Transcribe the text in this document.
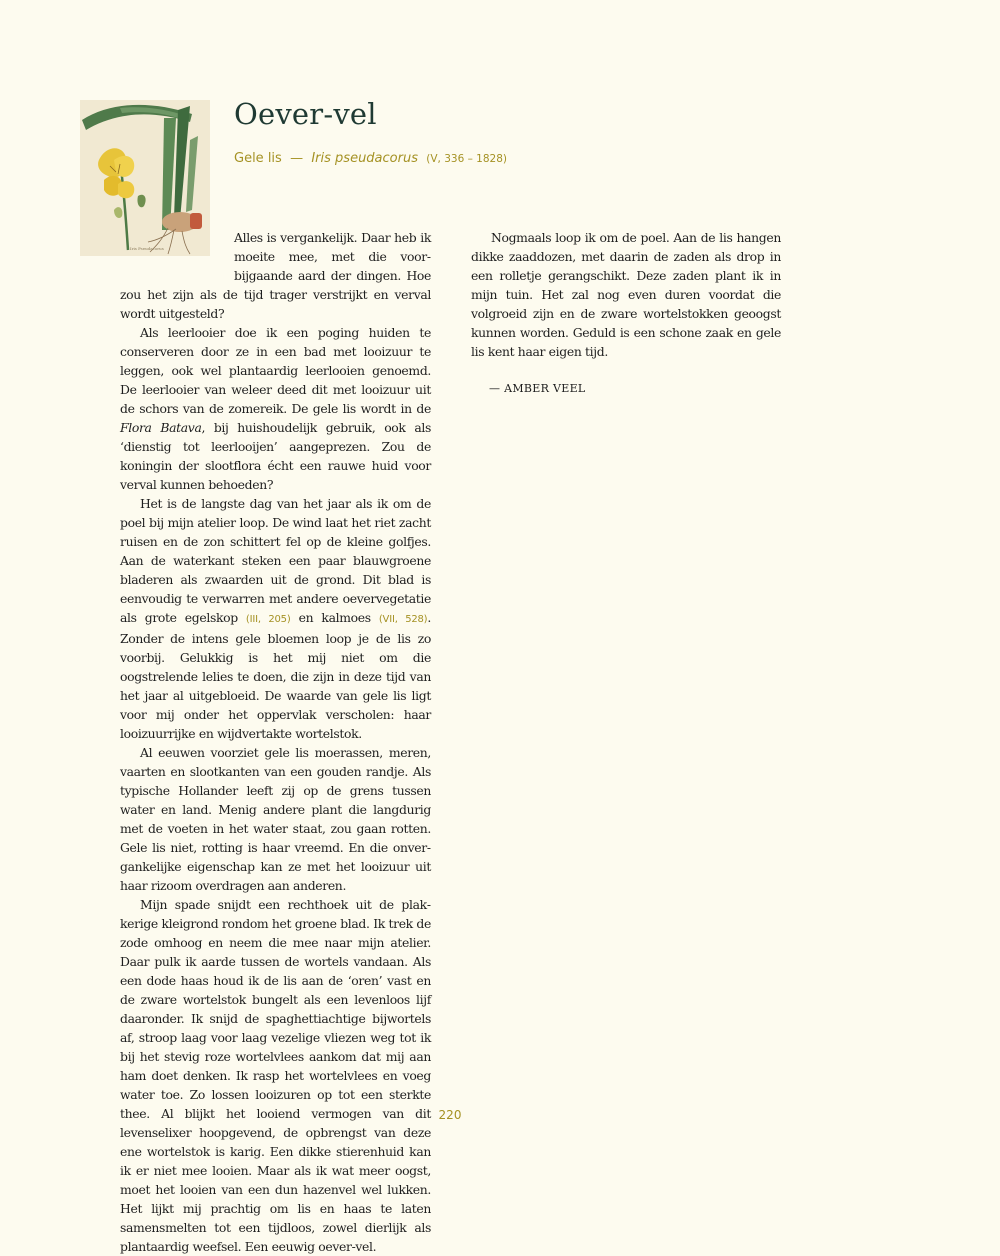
Iris Pseudacorus
Oever-vel

Gele lis — Iris pseudacorus (V, 336 – 1828)

Alles is vergankelijk. Daar heb ik moeite mee, met die voorbijgaande aard der dingen. Hoe zou het zijn als de tijd trager verstrijkt en verval wordt uitgesteld?

Als leerlooier doe ik een poging huiden te conserveren door ze in een bad met looizuur te leggen, ook wel plantaardig leerlooien genoemd. De leerlooier van weleer deed dit met looizuur uit de schors van de zomereik. De gele lis wordt in de Flora Batava, bij huishoudelijk gebruik, ook als ‘dienstig tot leerlooijen’ aangeprezen. Zou de koningin der slootflora écht een rauwe huid voor verval kunnen behoeden?

Het is de langste dag van het jaar als ik om de poel bij mijn atelier loop. De wind laat het riet zacht ruisen en de zon schittert fel op de kleine golfjes. Aan de waterkant steken een paar blauwgroene bladeren als zwaarden uit de grond. Dit blad is eenvoudig te verwarren met andere oevervegetatie als grote egelskop (III, 205) en kalmoes (VII, 528). Zonder de intens gele bloemen loop je de lis zo voorbij. Gelukkig is het mij niet om die oogstrelende lelies te doen, die zijn in deze tijd van het jaar al uitgebloeid. De waarde van gele lis ligt voor mij onder het oppervlak verscholen: haar looizuurrijke en wijdvertakte wortelstok.

Al eeuwen voorziet gele lis moerassen, meren, vaarten en slootkanten van een gouden randje. Als typische Hollander leeft zij op de grens tussen water en land. Menig andere plant die langdurig met de voeten in het water staat, zou gaan rotten. Gele lis niet, rotting is haar vreemd. En die onvergankelijke eigenschap kan ze met het looizuur uit haar rizoom overdragen aan anderen.

Mijn spade snijdt een rechthoek uit de plakkerige kleigrond rondom het groene blad. Ik trek de zode omhoog en neem die mee naar mijn atelier. Daar pulk ik aarde tussen de wortels vandaan. Als een dode haas houd ik de lis aan de ‘oren’ vast en de zware wortelstok bungelt als een levenloos lijf daaronder. Ik snijd de spaghettiachtige bijwortels af, stroop laag voor laag vezelige vliezen weg tot ik bij het stevig roze wortelvlees aankom dat mij aan ham doet denken. Ik rasp het wortelvlees en voeg water toe. Zo lossen looizuren op tot een sterkte thee. Al blijkt het looiend vermogen van dit levenselixer hoopgevend, de opbrengst van deze ene wortelstok is karig. Een dikke stierenhuid kan ik er niet mee looien. Maar als ik wat meer oogst, moet het looien van een dun hazenvel wel lukken. Het lijkt mij prachtig om lis en haas te laten samensmelten tot een tijdloos, zowel dierlijk als plantaardig weefsel. Een eeuwig oever-vel.

Nogmaals loop ik om de poel. Aan de lis hangen dikke zaaddozen, met daarin de zaden als drop in een rolletje gerangschikt. Deze zaden plant ik in mijn tuin. Het zal nog even duren voordat die volgroeid zijn en de zware wortelstokken geoogst kunnen worden. Geduld is een schone zaak en gele lis kent haar eigen tijd.

— AMBER VEEL

220
